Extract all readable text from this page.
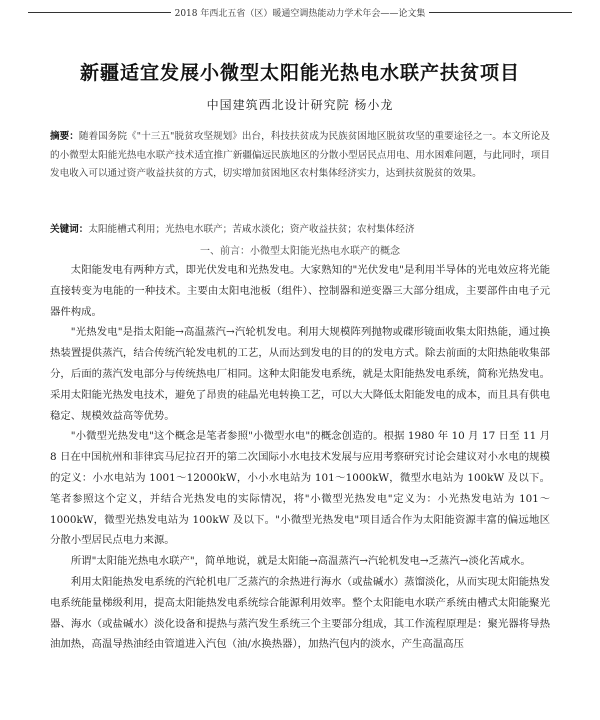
2018 年西北五省（区）暖通空调热能动力学术年会——论文集
新疆适宜发展小微型太阳能光热电水联产扶贫项目
中国建筑西北设计研究院 杨小龙
摘要：随着国务院《"十三五"脱贫攻坚规划》出台，科技扶贫成为民族贫困地区脱贫攻坚的重要途径之一。本文所论及的小微型太阳能光热电水联产技术适宜推广新疆偏远民族地区的分散小型居民点用电、用水困难问题，与此同时，项目发电收入可以通过资产收益扶贫的方式，切实增加贫困地区农村集体经济实力，达到扶贫脱贫的效果。
关键词：太阳能槽式利用；光热电水联产；苦咸水淡化；资产收益扶贫；农村集体经济
一、前言：小微型太阳能光热电水联产的概念

太阳能发电有两种方式，即光伏发电和光热发电。大家熟知的"光伏发电"是利用半导体的光电效应将光能直接转变为电能的一种技术。主要由太阳电池板（组件）、控制器和逆变器三大部分组成，主要部件由电子元器件构成。

"光热发电"是指太阳能→高温蒸汽→汽轮机发电。利用大规模阵列抛物或碟形镜面收集太阳热能，通过换热装置提供蒸汽，结合传统汽轮发电机的工艺，从而达到发电的目的的发电方式。除去前面的太阳热能收集部分，后面的蒸汽发电部分与传统热电厂相同。这种太阳能发电系统，就是太阳能热发电系统，简称光热发电。采用太阳能光热发电技术，避免了昂贵的硅晶光电转换工艺，可以大大降低太阳能发电的成本，而且具有供电稳定、规模效益高等优势。

"小微型光热发电"这个概念是笔者参照"小微型水电"的概念创造的。根据 1980 年 10 月 17 日至 11 月 8 日在中国杭州和菲律宾马尼拉召开的第二次国际小水电技术发展与应用考察研究讨论会建议对小水电的规模的定义：小水电站为 1001～12000kW，小小水电站为 101～1000kW，微型水电站为 100kW 及以下。笔者参照这个定义，并结合光热发电的实际情况，将"小微型光热发电"定义为：小光热发电站为 101～1000kW，微型光热发电站为 100kW 及以下。"小微型光热发电"项目适合作为太阳能资源丰富的偏远地区分散小型居民点电力来源。

所谓"太阳能光热电水联产"，简单地说，就是太阳能→高温蒸汽→汽轮机发电→乏蒸汽→淡化苦咸水。

利用太阳能热发电系统的汽轮机电厂乏蒸汽的余热进行海水（或盐碱水）蒸馏淡化，从而实现太阳能热发电系统能量梯级利用，提高太阳能热发电系统综合能源利用效率。整个太阳能电水联产系统由槽式太阳能聚光器、海水（或盐碱水）淡化设备和提热与蒸汽发生系统三个主要部分组成，其工作流程原理是：聚光器将导热油加热，高温导热油经由管道进入汽包（油/水换热器），加热汽包内的淡水，产生高温高压
